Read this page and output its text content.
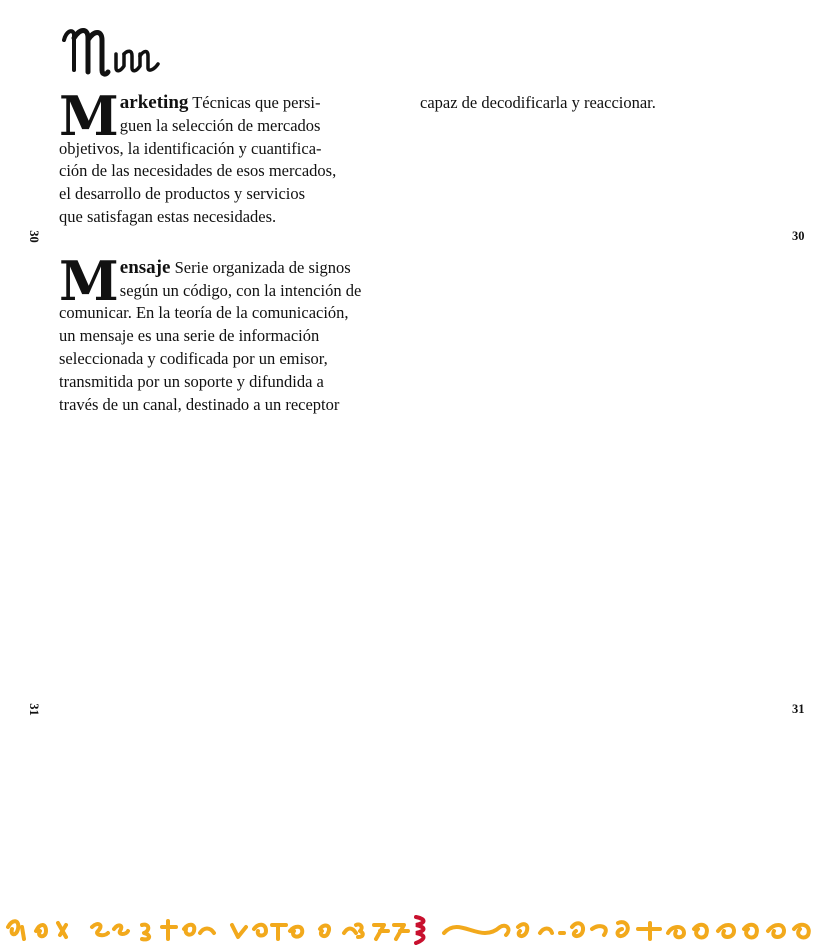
M arketing Técnicas que persi-
guen la selección de mercados
objetivos, la identificación y cuantifica-
ción de las necesidades de esos mercados,
el desarrollo de productos y servicios
que satisfagan estas necesidades.
M ensaje Serie organizada de signos
según un código, con la intención de
comunicar. En la teoría de la comunicación,
un mensaje es una serie de información
seleccionada y codificada por un emisor,
transmitida por un soporte y difundida a
través de un canal, destinado a un receptor
capaz de decodificarla y reaccionar.
30	30
31	31
